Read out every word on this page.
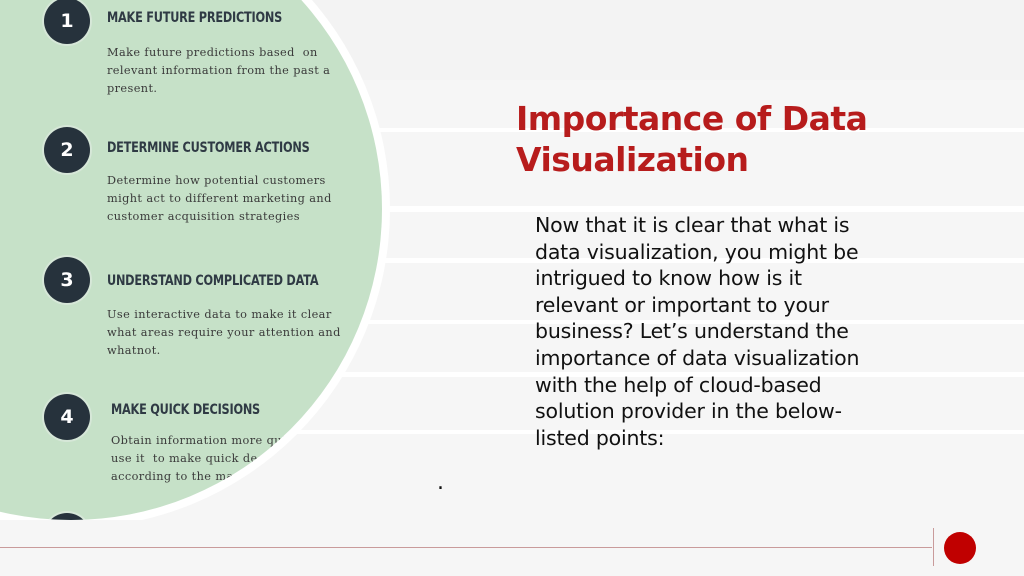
1	MAKE FUTURE PREDICTIONS
Make future predictions based  on
relevant information from the past a
present.
2	DETERMINE CUSTOMER ACTIONS
Determine how potential customers
might act to different marketing and
customer acquisition strategies
3	UNDERSTAND COMPLICATED DATA
Use interactive data to make it clear
what areas require your attention and
whatnot.
4	MAKE QUICK DECISIONS
Obtain information more quic
use it  to make quick decisi
according to the mark
Importance of Data
Visualization
Now that it is clear that what is
data visualization, you might be
intrigued to know how is it
relevant or important to your
business? Let’s understand the
importance of data visualization
with the help of cloud-based
solution provider in the below-
listed points:
.
